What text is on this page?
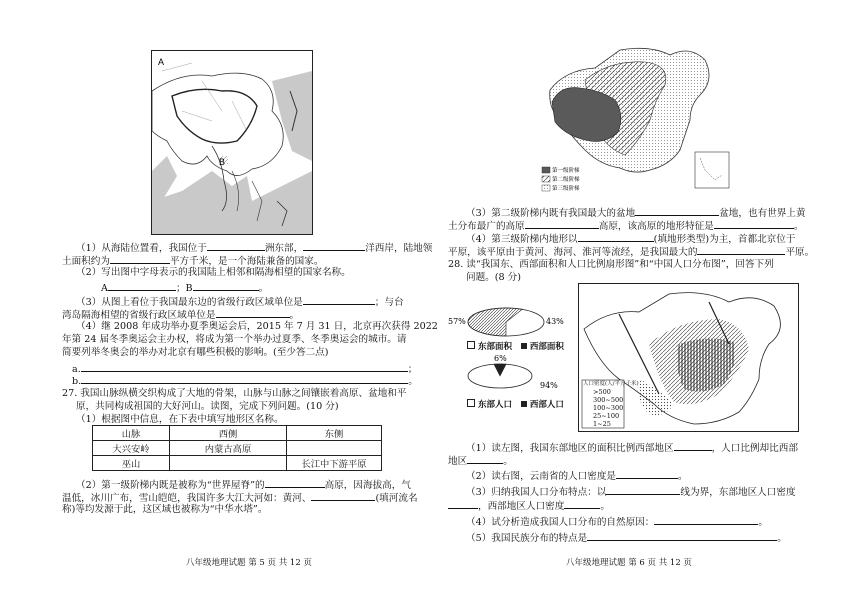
A
B
（1）从海陆位置看，我国位于	洲东部，	洋西岸，陆地领
土面积约为	平方千米，是一个海陆兼备的国家。
（2）写出图中字母表示的我国陆上相邻和隔海相望的国家名称。
A	；B	。
（3）从图上看位于我国最东边的省级行政区域单位是	；与台
湾岛隔海相望的省级行政区域单位是	。
（4）继 2008 年成功举办夏季奥运会后，2015 年 7 月 31 日，北京再次获得 2022
年第 24 届冬季奥运会主办权，将成为第一个举办过夏季、冬季奥运会的城市。请
简要列举冬奥会的举办对北京有哪些积极的影响。(至少答二点)
a.	；
b.	。
27. 我国山脉纵横交织构成了大地的骨架，山脉与山脉之间镶嵌着高原、盆地和平
原，共同构成祖国的大好河山。读图，完成下列问题。(10 分)
（1）根据图中信息，在下表中填写地形区名称。
山脉	西侧	东侧
大兴安岭	内蒙古高原	
巫山		长江中下游平原
（2）第一级阶梯内既是被称为“世界屋脊”的	高原，因海拔高，气
温低，冰川广布，雪山皑皑，我国许多大江大河如：黄河、	(填河流名
称)等均发源于此，这区域也被称为“中华水塔”。
八年级地理试题 第 5 页 共 12 页
第一级阶梯
第二级阶梯
第三级阶梯
（3）第二级阶梯内既有我国最大的盆地	盆地，也有世界上黄
土分布最广的高原	高原，该高原的地形特征是	。
（4）第三级阶梯内地形以	(填地形类型)为主，首都北京位于
平原，该平原由于黄河、海河、淮河等流经，是我国最大的	平原。
28. 读“我国东、西部面积和人口比例扇形图”和“中国人口分布图”，回答下列
问题。(8 分)
57%	43%
东部面积 西部面积
6%
94%
东部人口 西部人口
人口密度(人/平方千米)
>500
300~500
100~300
25~100
1~25
（1）读左图，我国东部地区的面积比例西部地区	，人口比例却比西部
地区	。
（2）读右图，云南省的人口密度是	。
（3）归纳我国人口分布特点：以	线为界，东部地区人口密度
，西部地区人口密度	。
（4）试分析造成我国人口分布的自然原因：	。
（5）我国民族分布的特点是	。
八年级地理试题 第 6 页 共 12 页
